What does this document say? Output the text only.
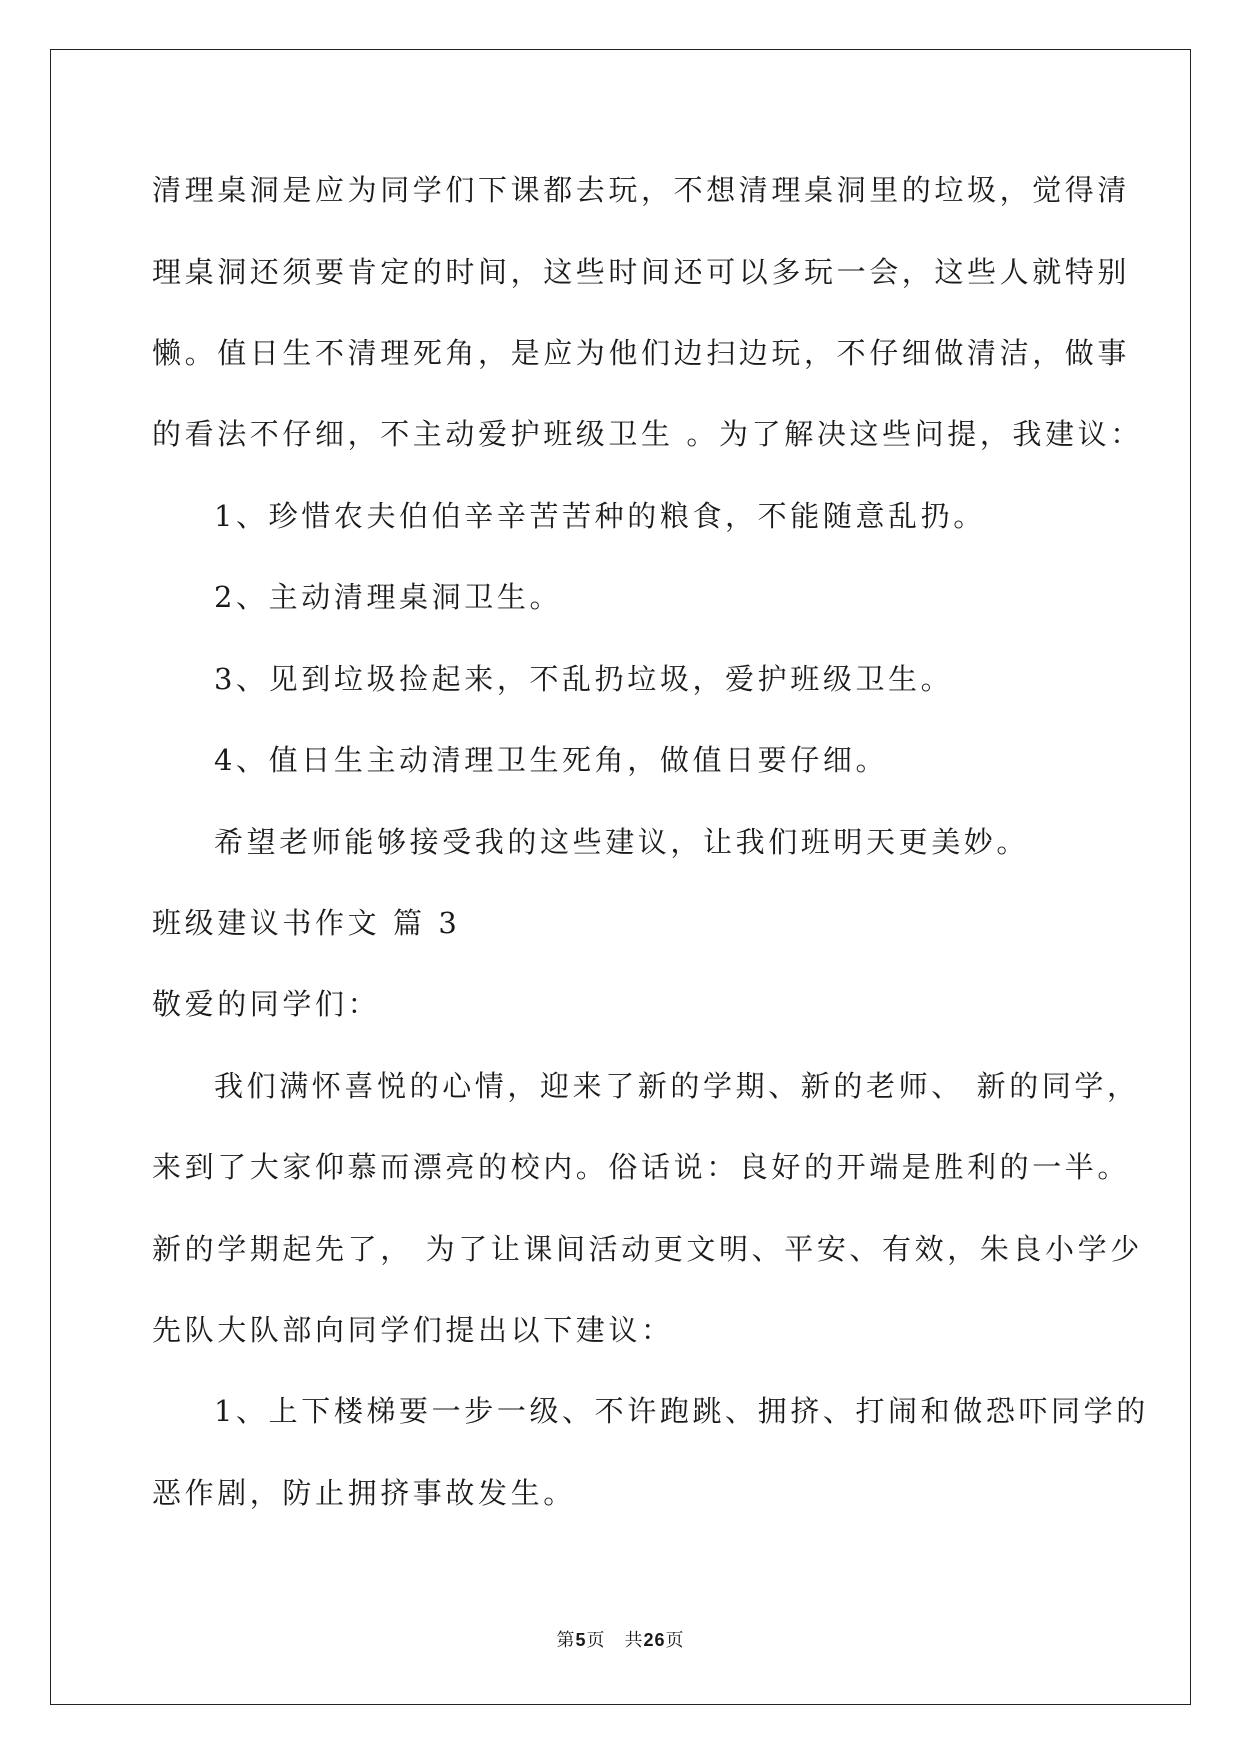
清理桌洞是应为同学们下课都去玩，不想清理桌洞里的垃圾，觉得清
理桌洞还须要肯定的时间，这些时间还可以多玩一会，这些人就特别
懒。值日生不清理死角，是应为他们边扫边玩，不仔细做清洁，做事
的看法不仔细，不主动爱护班级卫生 。为了解决这些问提，我建议：
1、珍惜农夫伯伯辛辛苦苦种的粮食，不能随意乱扔。
2、主动清理桌洞卫生。
3、见到垃圾捡起来，不乱扔垃圾，爱护班级卫生。
4、值日生主动清理卫生死角，做值日要仔细。
希望老师能够接受我的这些建议，让我们班明天更美妙。
班级建议书作文 篇 3
敬爱的同学们：
我们满怀喜悦的心情，迎来了新的学期、新的老师、 新的同学，
来到了大家仰慕而漂亮的校内。俗话说：良好的开端是胜利的一半。
新的学期起先了， 为了让课间活动更文明、平安、有效，朱良小学少
先队大队部向同学们提出以下建议：
1、上下楼梯要一步一级、不许跑跳、拥挤、打闹和做恐吓同学的
恶作剧，防止拥挤事故发生。
第5页　共26页
